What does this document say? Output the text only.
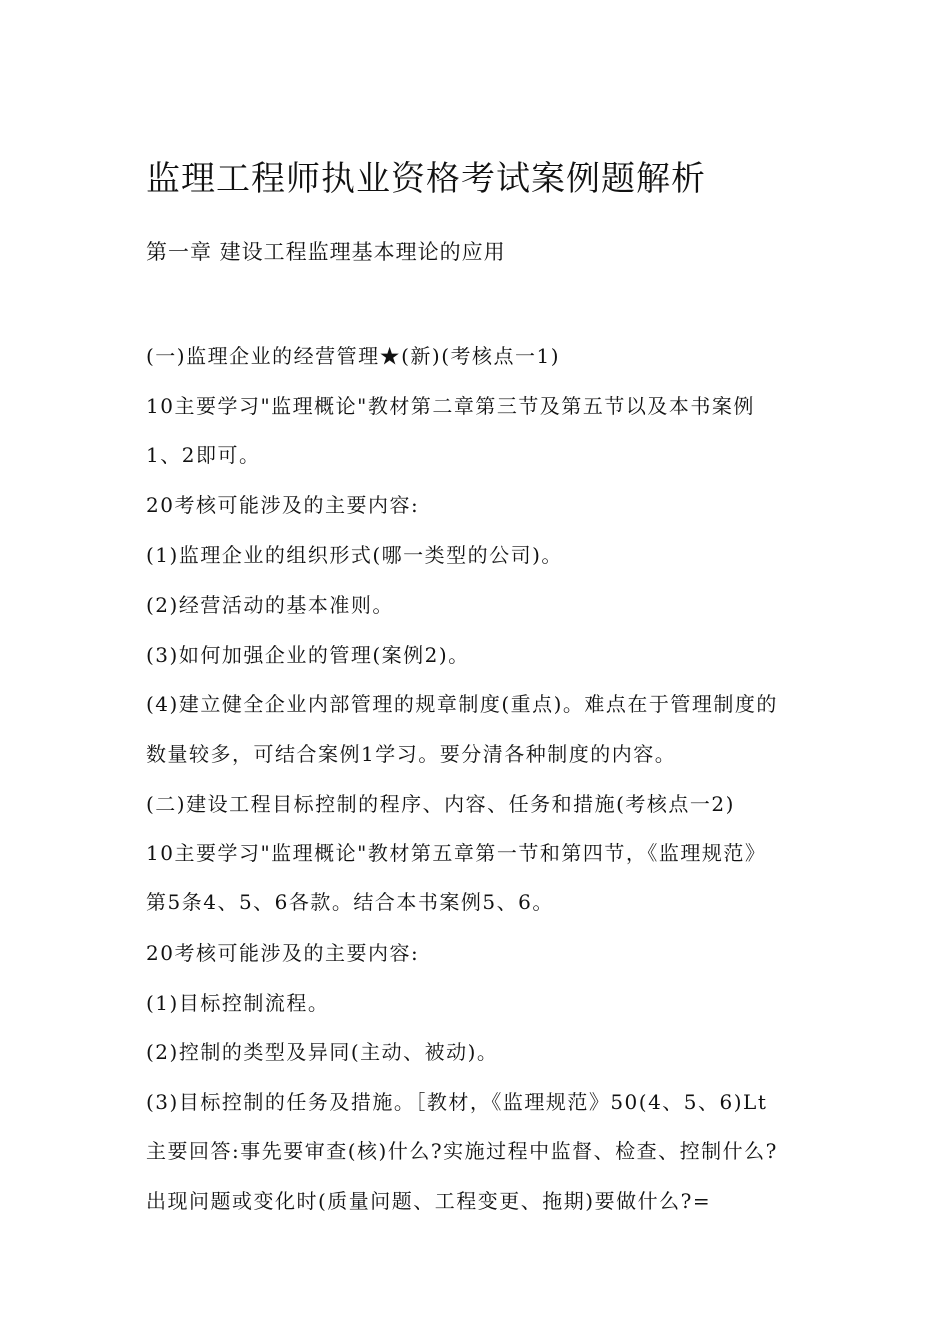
监理工程师执业资格考试案例题解析
第一章 建设工程监理基本理论的应用
(一)监理企业的经营管理★(新)(考核点一1)
10主要学习"监理概论"教材第二章第三节及第五节以及本书案例
1、2即可。
20考核可能涉及的主要内容:
(1)监理企业的组织形式(哪一类型的公司)。
(2)经营活动的基本准则。
(3)如何加强企业的管理(案例2)。
(4)建立健全企业内部管理的规章制度(重点)。难点在于管理制度的
数量较多，可结合案例1学习。要分清各种制度的内容。
(二)建设工程目标控制的程序、内容、任务和措施(考核点一2)
10主要学习"监理概论"教材第五章第一节和第四节，《监理规范》
第5条4、5、6各款。结合本书案例5、6。
20考核可能涉及的主要内容:
(1)目标控制流程。
(2)控制的类型及异同(主动、被动)。
(3)目标控制的任务及措施。［教材，《监理规范》50(4、5、6)Lt
主要回答:事先要审查(核)什么?实施过程中监督、检查、控制什么?
出现问题或变化时(质量问题、工程变更、拖期)要做什么?=
